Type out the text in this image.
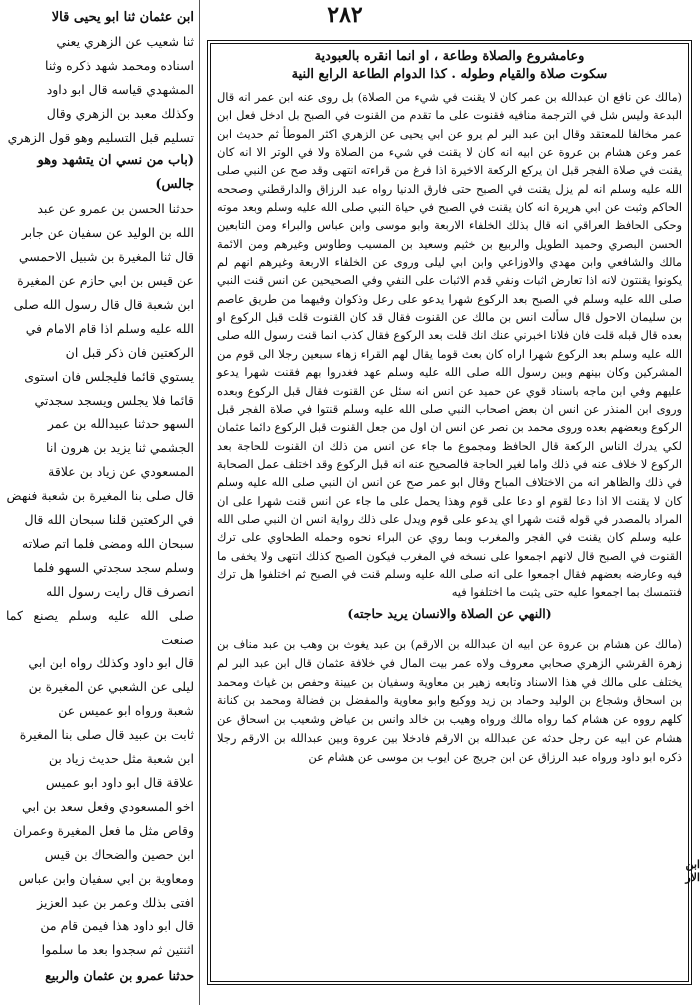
٢٨٢

ابن عثمان ثنا ابو يحيى قالا

ثنا شعيب عن الزهري يعني

اسناده ومحمد شهد ذكره وثنا

المشهدي قياسه قال ابو داود

وكذلك معبد بن الزهري وقال

تسليم قبل التسليم وهو قول الزهري

(باب من نسي ان يتشهد وهو

جالس)

حدثنا الحسن بن عمرو عن عبد

الله بن الوليد عن سفيان عن جابر

قال ثنا المغيرة بن شبيل الاحمسي

عن قيس بن ابي حازم عن المغيرة

ابن شعبة قال قال رسول الله صلى

الله عليه وسلم اذا قام الامام في

الركعتين فان ذكر قبل ان

يستوي قائما فليجلس فان استوى

قائما فلا يجلس ويسجد سجدتي

السهو حدثنا عبيدالله بن عمر

الجشمي ثنا يزيد بن هرون انا

المسعودي عن زياد بن علاقة

قال صلى بنا المغيرة بن شعبة فنهض

في الركعتين قلنا سبحان الله قال

سبحان الله ومضى فلما اتم صلاته

وسلم سجد سجدتي السهو فلما

انصرف قال رايت رسول الله

صلى الله عليه وسلم يصنع كما صنعت

قال ابو داود وكذلك رواه ابن ابي

ليلى عن الشعبي عن المغيرة بن

شعبة ورواه ابو عميس عن

ثابت بن عبيد قال صلى بنا المغيرة

ابن شعبة مثل حديث زياد بن

علاقة قال ابو داود ابو عميس

اخو المسعودي وفعل سعد بن ابي

وقاص مثل ما فعل المغيرة وعمران

ابن حصين والضحاك بن قيس

ومعاوية بن ابي سفيان وابن عباس

افتى بذلك وعمر بن عبد العزيز

قال ابو داود هذا فيمن قام من

اثنتين ثم سجدوا بعد ما سلموا

حدثنا عمرو بن عثمان والربيع
وعامشروع والصلاة وطاعة ، او انما انقره بالعبودية
سكوت صلاة والقيام وطوله . كذا الدوام الطاعة الرابع النية

(مالك عن نافع ان عبدالله بن عمر كان لا يقنت في شيء من الصلاة) بل روى عنه ابن عمر انه قال البدعة وليس شل في الترجمة منافيه فقنوت على ما تقدم من القنوت في الصبح بل ادخل فعل ابن عمر مخالفا للمعتقد وقال ابن عبد البر لم يرو عن ابي يحيى عن الزهري اكثر الموطأ ثم حديث ابن عمر وعن هشام بن عروة عن ابيه انه كان لا يقنت في شيء من الصلاة ولا في الوتر الا انه كان يقنت في صلاة الفجر قبل ان يركع الركعة الاخيرة اذا فرغ من قراءته انتهى وقد صح عن النبي صلى الله عليه وسلم انه لم يزل يقنت في الصبح حتى فارق الدنيا رواه عبد الرزاق والدارقطني وصححه الحاكم وثبت عن ابي هريرة انه كان يقنت في الصبح في حياة النبي صلى الله عليه وسلم وبعد موته وحكى الحافظ العراقي انه قال بذلك الخلفاء الاربعة وابو موسى وابن عباس والبراء ومن التابعين الحسن البصري وحميد الطويل والربيع بن خثيم وسعيد بن المسيب وطاوس وغيرهم ومن الائمة مالك والشافعي وابن مهدي والاوزاعي وابن ابي ليلى وروى عن الخلفاء الاربعة وغيرهم انهم لم يكونوا يقنتون لانه اذا تعارض اثبات ونفي قدم الاثبات على النفي وفي الصحيحين عن انس قنت النبي صلى الله عليه وسلم في الصبح بعد الركوع شهرا يدعو على رعل وذكوان وفيهما من طريق عاصم بن سليمان الاحول قال سألت انس بن مالك عن القنوت فقال قد كان القنوت قلت قبل الركوع او بعده قال قبله قلت فان فلانا اخبرني عنك انك قلت بعد الركوع فقال كذب انما قنت رسول الله صلى الله عليه وسلم بعد الركوع شهرا اراه كان بعث قوما يقال لهم القراء زهاء سبعين رجلا الى قوم من المشركين وكان بينهم وبين رسول الله صلى الله عليه وسلم عهد فغدروا بهم فقنت شهرا يدعو عليهم وفي ابن ماجه باسناد قوي عن حميد عن انس انه سئل عن القنوت فقال قبل الركوع وبعده وروى ابن المنذر عن انس ان بعض اصحاب النبي صلى الله عليه وسلم قنتوا في صلاة الفجر قبل الركوع وبعضهم بعده وروى محمد بن نصر عن انس ان اول من جعل القنوت قبل الركوع دائما عثمان لكي يدرك الناس الركعة قال الحافظ ومجموع ما جاء عن انس من ذلك ان القنوت للحاجة بعد الركوع لا خلاف عنه في ذلك واما لغير الحاجة فالصحيح عنه انه قبل الركوع وقد اختلف عمل الصحابة في ذلك والظاهر انه من الاختلاف المباح وقال ابو عمر صح عن انس ان النبي صلى الله عليه وسلم كان لا يقنت الا اذا دعا لقوم او دعا على قوم وهذا يحمل على ما جاء عن انس قنت شهرا على ان المراد بالمصدر في قوله قنت شهرا اي يدعو على قوم ويدل على ذلك رواية انس ان النبي صلى الله عليه وسلم كان يقنت في الفجر والمغرب وبما روي عن البراء نحوه وحمله الطحاوي على ترك القنوت في الصبح قال لانهم اجمعوا على نسخه في المغرب فيكون الصبح كذلك انتهى ولا يخفى ما فيه وعارضه بعضهم فقال اجمعوا على انه صلى الله عليه وسلم قنت في الصبح ثم اختلفوا هل ترك فنتمسك بما اجمعوا عليه حتى يثبت ما اختلفوا فيه

(النهي عن الصلاة والانسان يريد حاجته)

(مالك عن هشام بن عروة عن ابيه ان عبدالله بن الارقم) بن عبد يغوث بن وهب بن عبد مناف بن زهرة القرشي الزهري صحابي معروف ولاه عمر بيت المال في خلافة عثمان قال ابن عبد البر لم يختلف على مالك في هذا الاسناد وتابعه زهير بن معاوية وسفيان بن عيينة وحفص بن غياث ومحمد بن اسحاق وشجاع بن الوليد وحماد بن زيد ووكيع وابو معاوية والمفضل بن فضالة ومحمد بن كنانة كلهم رووه عن هشام كما رواه مالك ورواه وهيب بن خالد وانس بن عياض وشعيب بن اسحاق عن هشام عن ابيه عن رجل حدثه عن عبدالله بن الارقم فادخلا بين عروة وبين عبدالله بن الارقم رجلا ذكره ابو داود ورواه عبد الرزاق عن ابن جريج عن ايوب بن موسى عن هشام عن

ابن الار
